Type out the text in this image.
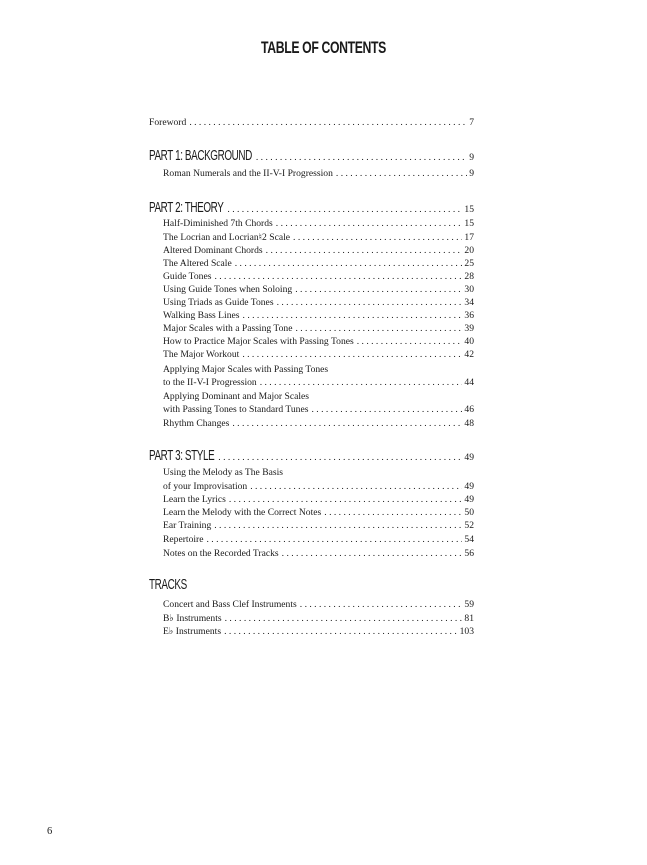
TABLE OF CONTENTS
Foreword . . .	7
PART 1: BACKGROUND . . .	9
Roman Numerals and the II-V-I Progression . . .	9
PART 2: THEORY . . .	15
Half-Diminished 7th Chords . . .	15
The Locrian and Locrian♮2 Scale . . .	17
Altered Dominant Chords . . .	20
The Altered Scale . . .	25
Guide Tones . . .	28
Using Guide Tones when Soloing . . .	30
Using Triads as Guide Tones . . .	34
Walking Bass Lines . . .	36
Major Scales with a Passing Tone . . .	39
How to Practice Major Scales with Passing Tones . . .	40
The Major Workout . . .	42
Applying Major Scales with Passing Tones
to the II-V-I Progression . . .	44
Applying Dominant and Major Scales
with Passing Tones to Standard Tunes . . .	46
Rhythm Changes . . .	48
PART 3: STYLE . . .	49
Using the Melody as The Basis
of your Improvisation . . .	49
Learn the Lyrics . . .	49
Learn the Melody with the Correct Notes . . .	50
Ear Training . . .	52
Repertoire . . .	54
Notes on the Recorded Tracks . . .	56
TRACKS
Concert and Bass Clef Instruments . . .	59
B♭ Instruments . . .	81
E♭ Instruments . . .	103
6
